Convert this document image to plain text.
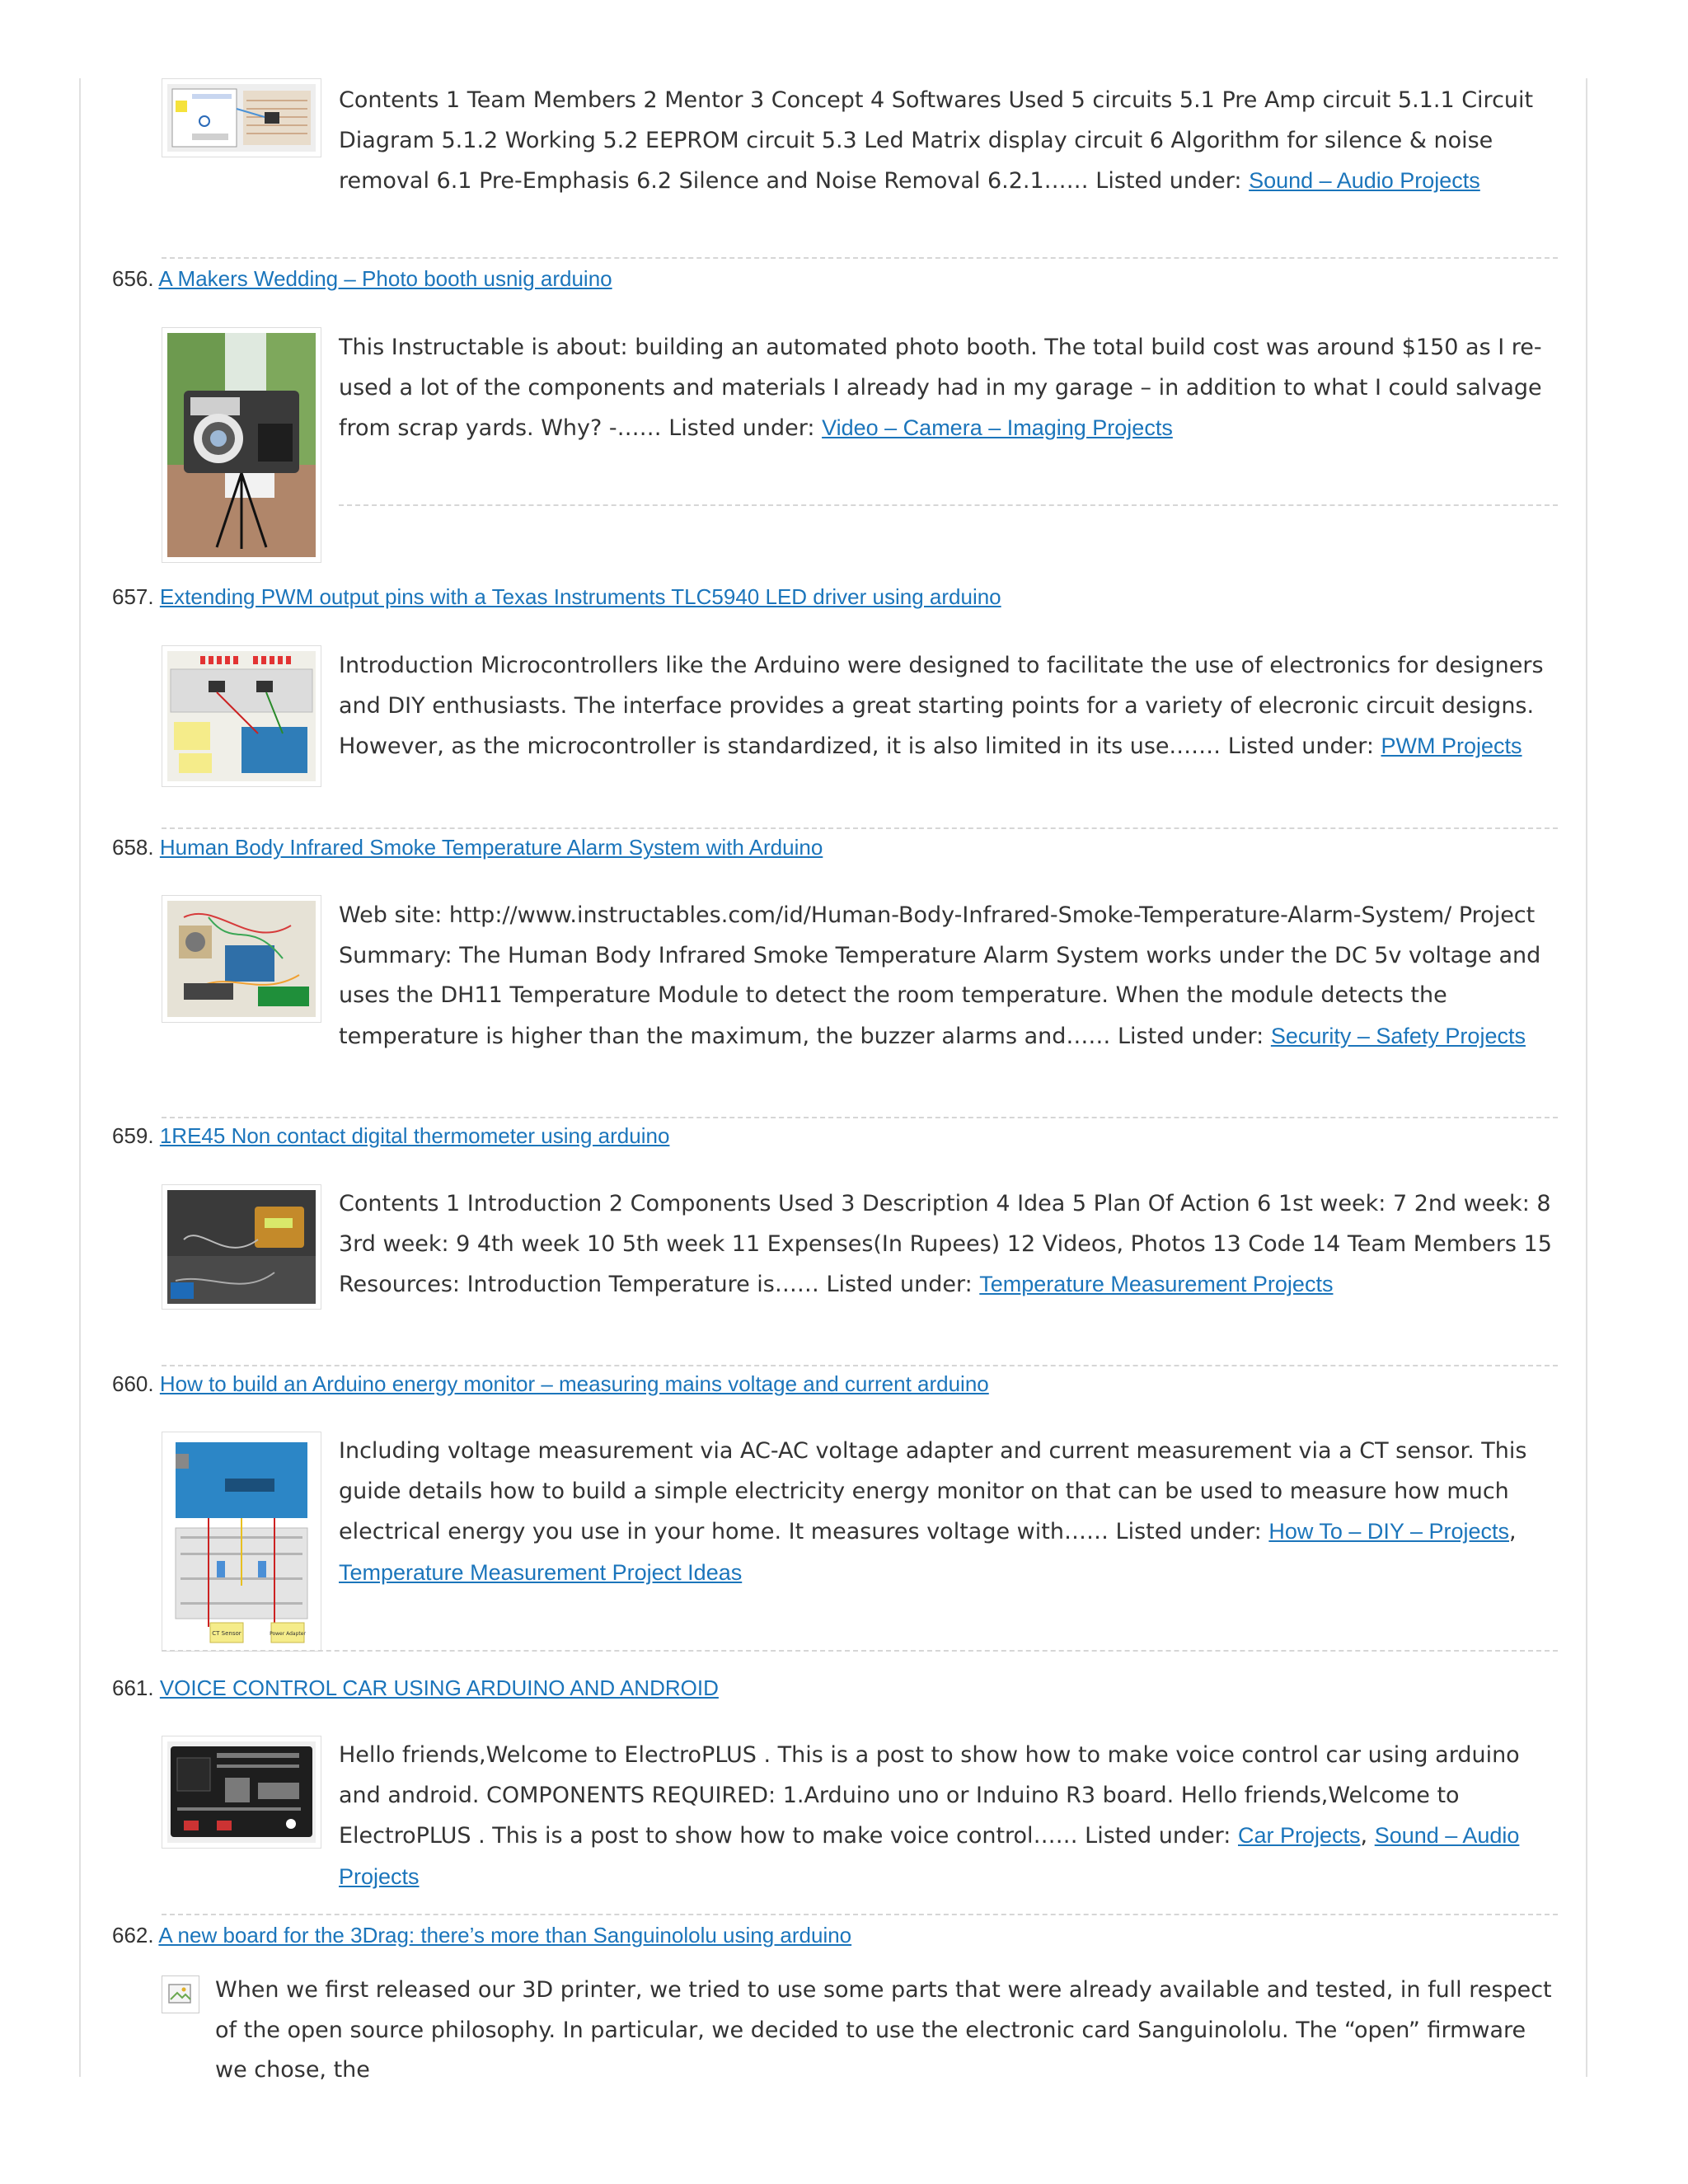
Contents 1 Team Members 2 Mentor 3 Concept 4 Softwares Used 5 circuits 5.1 Pre Amp circuit 5.1.1 Circuit Diagram 5.1.2 Working 5.2 EEPROM circuit 5.3 Led Matrix display circuit 6 Algorithm for silence & noise removal 6.1 Pre-Emphasis 6.2 Silence and Noise Removal 6.2.1…… Listed under: Sound – Audio Projects
656. A Makers Wedding – Photo booth usnig arduino
This Instructable is about: building an automated photo booth. The total build cost was around $150 as I re-used a lot of the components and materials I already had in my garage – in addition to what I could salvage from scrap yards. Why? -…… Listed under: Video – Camera – Imaging Projects
657. Extending PWM output pins with a Texas Instruments TLC5940 LED driver using arduino
Introduction Microcontrollers like the Arduino were designed to facilitate the use of electronics for designers and DIY enthusiasts. The interface provides a great starting points for a variety of elecronic circuit designs. However, as the microcontroller is standardized, it is also limited in its use.…… Listed under: PWM Projects
658. Human Body Infrared Smoke Temperature Alarm System with Arduino
Web site: http://www.instructables.com/id/Human-Body-Infrared-Smoke-Temperature-Alarm-System/ Project Summary: The Human Body Infrared Smoke Temperature Alarm System works under the DC 5v voltage and uses the DH11 Temperature Module to detect the room temperature. When the module detects the temperature is higher than the maximum, the buzzer alarms and…… Listed under: Security – Safety Projects
659. 1RE45 Non contact digital thermometer using arduino
Contents 1 Introduction 2 Components Used 3 Description 4 Idea 5 Plan Of Action 6 1st week: 7 2nd week: 8 3rd week: 9 4th week 10 5th week 11 Expenses(In Rupees) 12 Videos, Photos 13 Code 14 Team Members 15 Resources: Introduction Temperature is…… Listed under: Temperature Measurement Projects
660. How to build an Arduino energy monitor – measuring mains voltage and current arduino
CT Sensor	Power Adapter
Including voltage measurement via AC-AC voltage adapter and current measurement via a CT sensor. This guide details how to build a simple electricity energy monitor on that can be used to measure how much electrical energy you use in your home. It measures voltage with…… Listed under: How To – DIY – Projects, Temperature Measurement Project Ideas
661. VOICE CONTROL CAR USING ARDUINO AND ANDROID
Hello friends,Welcome to ElectroPLUS . This is a post to show how to make voice control car using arduino and android. COMPONENTS REQUIRED: 1.Arduino uno or Induino R3 board. Hello friends,Welcome to ElectroPLUS . This is a post to show how to make voice control…… Listed under: Car Projects, Sound – Audio Projects
662. A new board for the 3Drag: there’s more than Sanguinololu using arduino
When we first released our 3D printer, we tried to use some parts that were already available and tested, in full respect of the open source philosophy. In particular, we decided to use the electronic card Sanguinololu. The “open” firmware we chose, the
